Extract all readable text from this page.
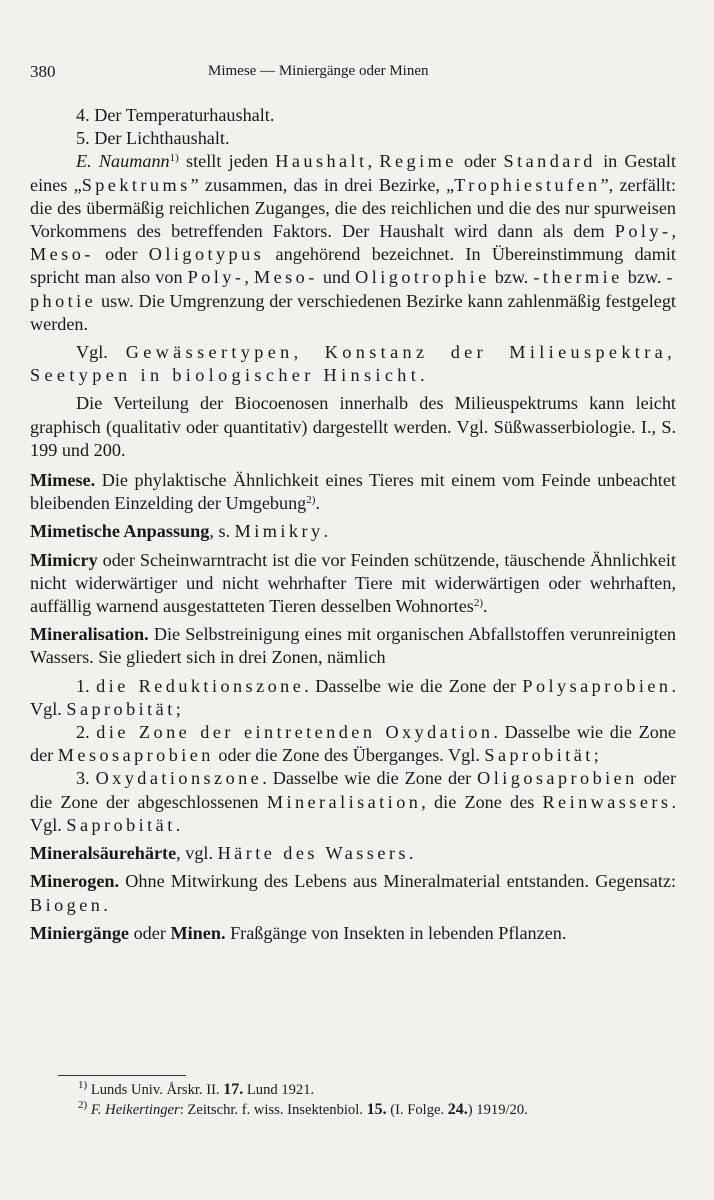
380	Mimese — Miniergänge oder Minen

4. Der Temperaturhaushalt.

5. Der Lichthaushalt.

E. Naumann$^{1)}$ stellt jeden Haushalt, Regime oder Standard in Gestalt eines „Spektrums” zusammen, das in drei Bezirke, „Trophiestufen”, zerfällt: die des übermäßig reichlichen Zuganges, die des reichlichen und die des nur spurweisen Vorkommens des betreffenden Faktors. Der Haushalt wird dann als dem Poly-, Meso- oder Oligotypus angehörend bezeichnet. In Übereinstimmung damit spricht man also von Poly-, Meso- und Oligotrophie bzw. -thermie bzw. -photie usw. Die Umgrenzung der verschiedenen Bezirke kann zahlenmäßig festgelegt werden.

Vgl. Gewässertypen, Konstanz der Milieuspektra, Seetypen in biologischer Hinsicht.

Die Verteilung der Biocoenosen innerhalb des Milieuspektrums kann leicht graphisch (qualitativ oder quantitativ) dargestellt werden. Vgl. Süßwasserbiologie. I., S. 199 und 200.

Mimese. Die phylaktische Ähnlichkeit eines Tieres mit einem vom Feinde unbeachtet bleibenden Einzelding der Umgebung$^{2)}$.

Mimetische Anpassung, s. Mimikry.

Mimicry oder Scheinwarntracht ist die vor Feinden schützende, täuschende Ähnlichkeit nicht widerwärtiger und nicht wehrhafter Tiere mit widerwärtigen oder wehrhaften, auffällig warnend ausgestatteten Tieren desselben Wohnortes$^{2)}$.

Mineralisation. Die Selbstreinigung eines mit organischen Abfallstoffen verunreinigten Wassers. Sie gliedert sich in drei Zonen, nämlich

1. die Reduktionszone. Dasselbe wie die Zone der Polysaprobien. Vgl. Saprobität;

2. die Zone der eintretenden Oxydation. Dasselbe wie die Zone der Mesosaprobien oder die Zone des Überganges. Vgl. Saprobität;

3. Oxydationszone. Dasselbe wie die Zone der Oligosaprobien oder die Zone der abgeschlossenen Mineralisation, die Zone des Reinwassers. Vgl. Saprobität.

Mineralsäurehärte, vgl. Härte des Wassers.

Minerogen. Ohne Mitwirkung des Lebens aus Mineralmaterial entstanden. Gegensatz: Biogen.

Miniergänge oder Minen. Fraßgänge von Insekten in lebenden Pflanzen.

$^{1)}$ Lunds Univ. Årskr. II. 17. Lund 1921.

$^{2)}$ F. Heikertinger: Zeitschr. f. wiss. Insektenbiol. 15. (I. Folge. 24.) 1919/20.
